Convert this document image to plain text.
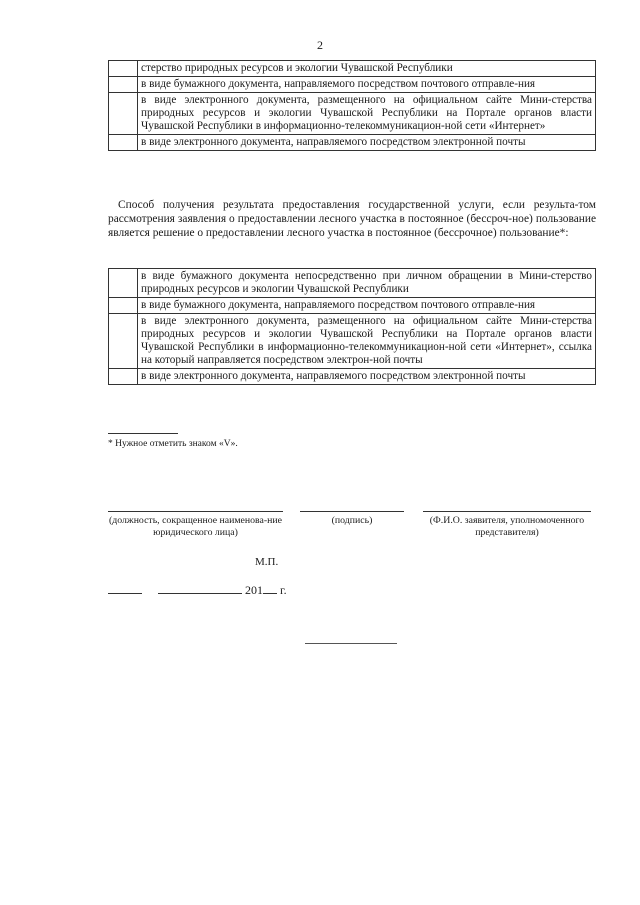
2
	стерство природных ресурсов и экологии Чувашской Республики
	в виде бумажного документа, направляемого посредством почтового отправле-ния
	в виде электронного документа, размещенного на официальном сайте Мини-стерства природных ресурсов и экологии Чувашской Республики на Портале органов власти Чувашской Республики в информационно-телекоммуникацион-ной сети «Интернет»
	в виде электронного документа, направляемого посредством электронной почты
Способ получения результата предоставления государственной услуги, если результа-том рассмотрения заявления о предоставлении лесного участка в постоянное (бессроч-ное) пользование является решение о предоставлении лесного участка в постоянное (бессрочное) пользование*:
	в виде бумажного документа непосредственно при личном обращении в Мини-стерство природных ресурсов и экологии Чувашской Республики
	в виде бумажного документа, направляемого посредством почтового отправле-ния
	в виде электронного документа, размещенного на официальном сайте Мини-стерства природных ресурсов и экологии Чувашской Республики на Портале органов власти Чувашской Республики в информационно-телекоммуникацион-ной сети «Интернет», ссылка на который направляется посредством электрон-ной почты
	в виде электронного документа, направляемого посредством электронной почты
* Нужное отметить знаком «V».
(должность, сокращенное наименова-ние юридического лица)
(подпись)	(Ф.И.О. заявителя, уполномоченного представителя)
М.П.
201 г.
